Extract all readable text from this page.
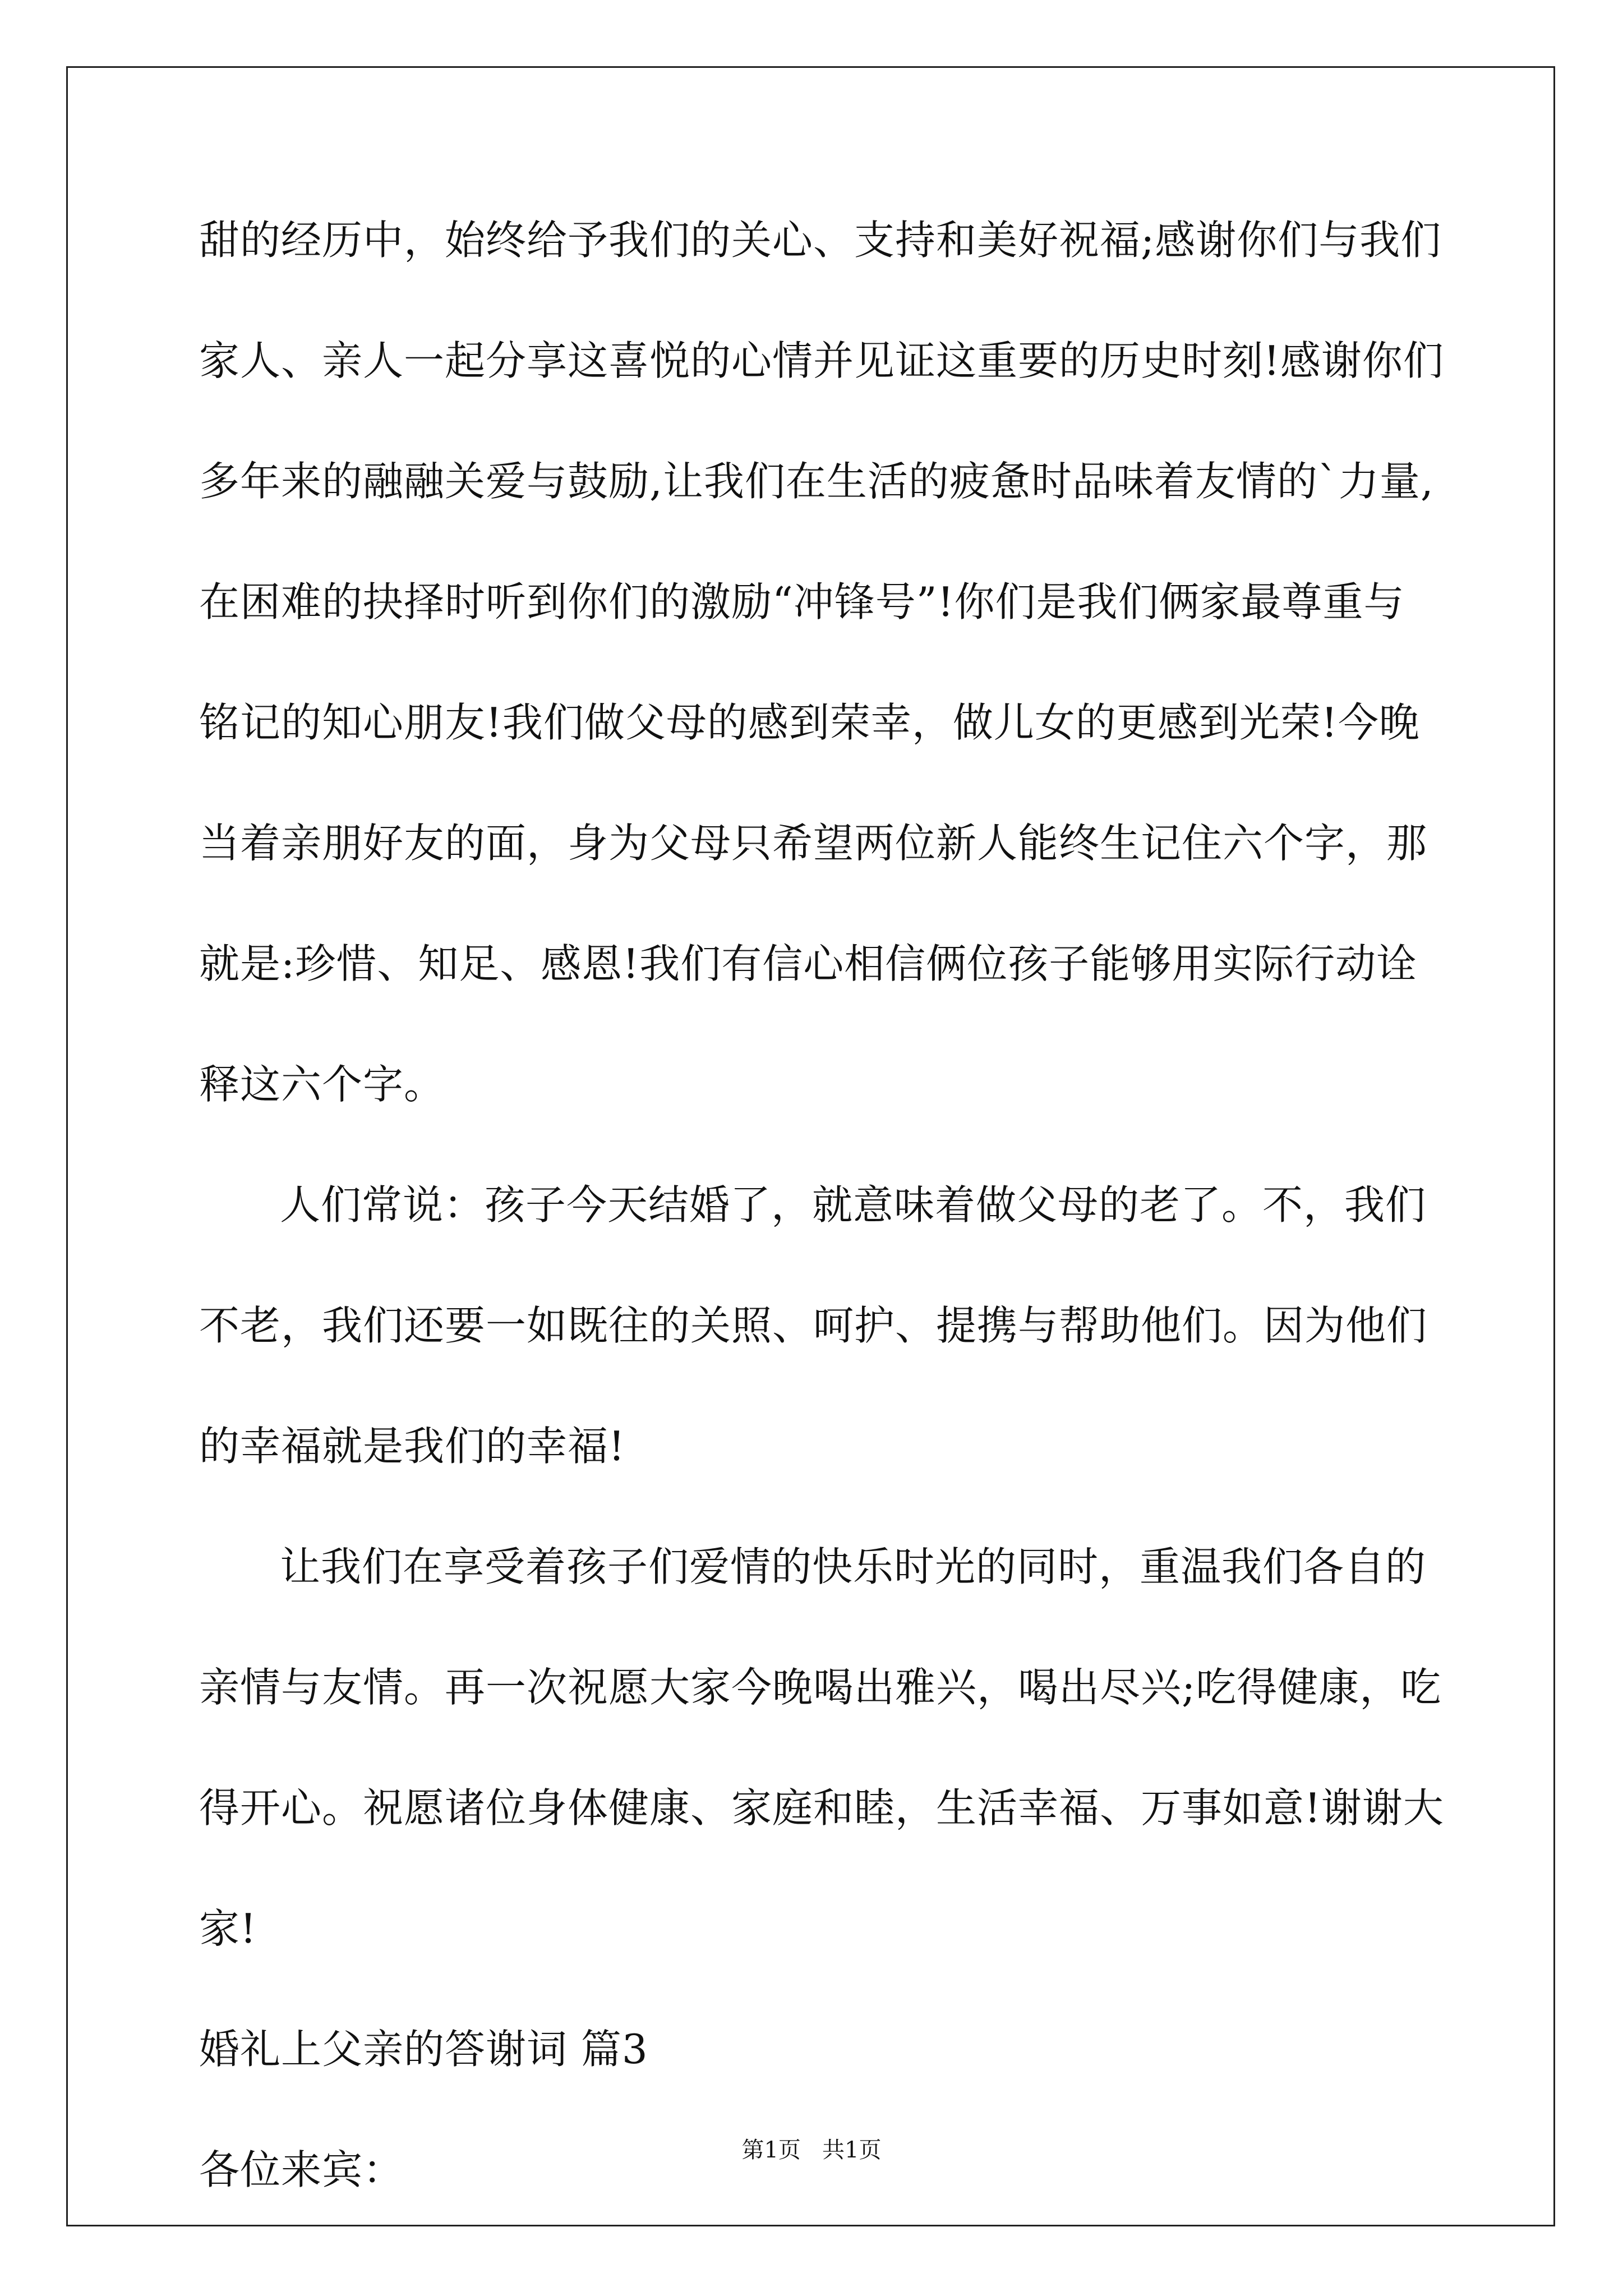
甜的经历中，始终给予我们的关心、支持和美好祝福;感谢你们与我们
家人、亲人一起分享这喜悦的心情并见证这重要的历史时刻!感谢你们
多年来的融融关爱与鼓励,让我们在生活的疲惫时品味着友情的`力量,
在困难的抉择时听到你们的激励“冲锋号”!你们是我们俩家最尊重与
铭记的知心朋友!我们做父母的感到荣幸，做儿女的更感到光荣!今晚
当着亲朋好友的面，身为父母只希望两位新人能终生记住六个字，那
就是:珍惜、知足、感恩!我们有信心相信俩位孩子能够用实际行动诠
释这六个字。
人们常说：孩子今天结婚了，就意味着做父母的老了。不，我们
不老，我们还要一如既往的关照、呵护、提携与帮助他们。因为他们
的幸福就是我们的幸福!
让我们在享受着孩子们爱情的快乐时光的同时，重温我们各自的
亲情与友情。再一次祝愿大家今晚喝出雅兴，喝出尽兴;吃得健康，吃
得开心。祝愿诸位身体健康、家庭和睦，生活幸福、万事如意!谢谢大
家!
婚礼上父亲的答谢词 篇3
各位来宾：	第1页   共1页
